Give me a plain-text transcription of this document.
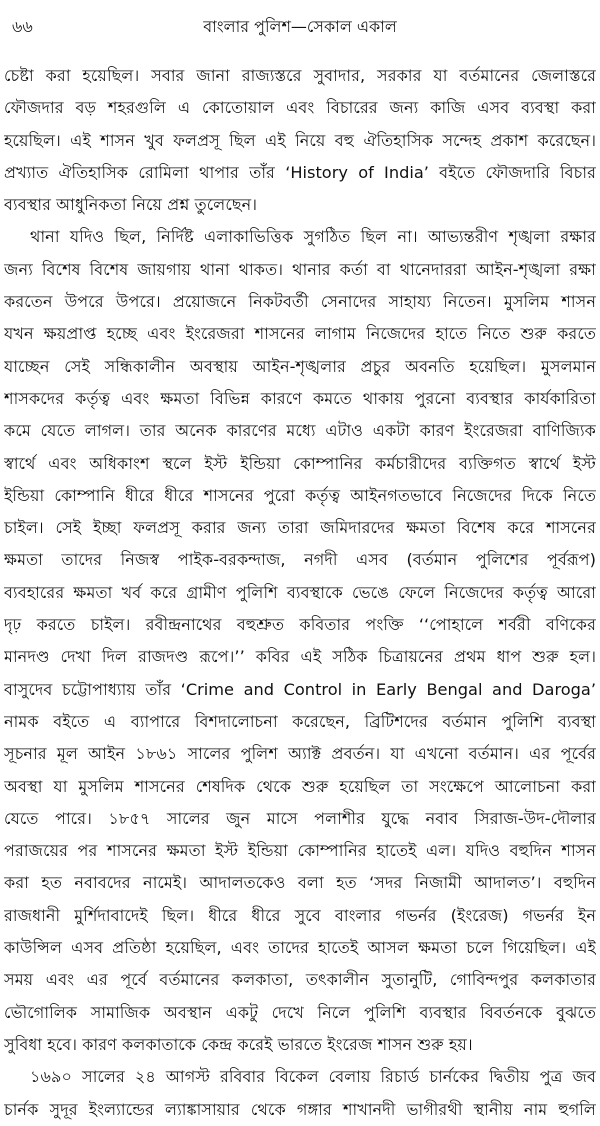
৬৬	বাংলার পুলিশ—সেকাল একাল
চেষ্টা করা হয়েছিল। সবার জানা রাজ্যস্তরে সুবাদার, সরকার যা বর্তমানের জেলাস্তরে
ফৌজদার বড় শহরগুলি এ কোতোয়াল এবং বিচারের জন্য কাজি এসব ব্যবস্থা করা
হয়েছিল। এই শাসন খুব ফলপ্রসূ ছিল এই নিয়ে বহু ঐতিহাসিক সন্দেহ প্রকাশ করেছেন।
প্রখ্যাত ঐতিহাসিক রোমিলা থাপার তাঁর ‘History of India’ বইতে ফৌজদারি বিচার
ব্যবস্থার আধুনিকতা নিয়ে প্রশ্ন তুলেছেন।
থানা যদিও ছিল, নির্দিষ্ট এলাকাভিত্তিক সুগঠিত ছিল না। আভ্যন্তরীণ শৃঙ্খলা রক্ষার
জন্য বিশেষ বিশেষ জায়গায় থানা থাকত। থানার কর্তা বা থানেদাররা আইন-শৃঙ্খলা রক্ষা
করতেন উপরে উপরে। প্রয়োজনে নিকটবর্তী সেনাদের সাহায্য নিতেন। মুসলিম শাসন
যখন ক্ষয়প্রাপ্ত হচ্ছে এবং ইংরেজরা শাসনের লাগাম নিজেদের হাতে নিতে শুরু করতে
যাচ্ছেন সেই সন্ধিকালীন অবস্থায় আইন-শৃঙ্খলার প্রচুর অবনতি হয়েছিল। মুসলমান
শাসকদের কর্তৃত্ব এবং ক্ষমতা বিভিন্ন কারণে কমতে থাকায় পুরনো ব্যবস্থার কার্যকারিতা
কমে যেতে লাগল। তার অনেক কারণের মধ্যে এটাও একটা কারণ ইংরেজরা বাণিজ্যিক
স্বার্থে এবং অধিকাংশ স্থলে ইস্ট ইন্ডিয়া কোম্পানির কর্মচারীদের ব্যক্তিগত স্বার্থে ইস্ট
ইন্ডিয়া কোম্পানি ধীরে ধীরে শাসনের পুরো কর্তৃত্ব আইনগতভাবে নিজেদের দিকে নিতে
চাইল। সেই ইচ্ছা ফলপ্রসূ করার জন্য তারা জমিদারদের ক্ষমতা বিশেষ করে শাসনের
ক্ষমতা তাদের নিজস্ব পাইক-বরকন্দাজ, নগদী এসব (বর্তমান পুলিশের পূর্বরূপ)
ব্যবহারের ক্ষমতা খর্ব করে গ্রামীণ পুলিশি ব্যবস্থাকে ভেঙে ফেলে নিজেদের কর্তৃত্ব আরো
দৃঢ় করতে চাইল। রবীন্দ্রনাথের বহুশ্রুত কবিতার পংক্তি ‘‘পোহালে শর্বরী বণিকের
মানদণ্ড দেখা দিল রাজদণ্ড রূপে।’’ কবির এই সঠিক চিত্রায়নের প্রথম ধাপ শুরু হল।
বাসুদেব চট্টোপাধ্যায় তাঁর ‘Crime and Control in Early Bengal and Daroga’
নামক বইতে এ ব্যাপারে বিশদালোচনা করেছেন, ব্রিটিশদের বর্তমান পুলিশি ব্যবস্থা
সূচনার মূল আইন ১৮৬১ সালের পুলিশ অ্যাক্ট প্রবর্তন। যা এখনো বর্তমান। এর পূর্বের
অবস্থা যা মুসলিম শাসনের শেষদিক থেকে শুরু হয়েছিল তা সংক্ষেপে আলোচনা করা
যেতে পারে। ১৮৫৭ সালের জুন মাসে পলাশীর যুদ্ধে নবাব সিরাজ-উদ-দৌলার
পরাজয়ের পর শাসনের ক্ষমতা ইস্ট ইন্ডিয়া কোম্পানির হাতেই এল। যদিও বহুদিন শাসন
করা হত নবাবদের নামেই। আদালতকেও বলা হত ‘সদর নিজামী আদালত’। বহুদিন
রাজধানী মুর্শিদাবাদেই ছিল। ধীরে ধীরে সুবে বাংলার গভর্নর (ইংরেজ) গভর্নর ইন
কাউন্সিল এসব প্রতিষ্ঠা হয়েছিল, এবং তাদের হাতেই আসল ক্ষমতা চলে গিয়েছিল। এই
সময় এবং এর পূর্বে বর্তমানের কলকাতা, তৎকালীন সুতানুটি, গোবিন্দপুর কলকাতার
ভৌগোলিক সামাজিক অবস্থান একটু দেখে নিলে পুলিশি ব্যবস্থার বিবর্তনকে বুঝতে
সুবিধা হবে। কারণ কলকাতাকে কেন্দ্র করেই ভারতে ইংরেজ শাসন শুরু হয়।
১৬৯০ সালের ২৪ আগস্ট রবিবার বিকেল বেলায় রিচার্ড চার্নকের দ্বিতীয় পুত্র জব
চার্নক সুদূর ইংল্যান্ডের ল্যাঙ্কাসায়ার থেকে গঙ্গার শাখানদী ভাগীরথী স্থানীয় নাম হুগলি
